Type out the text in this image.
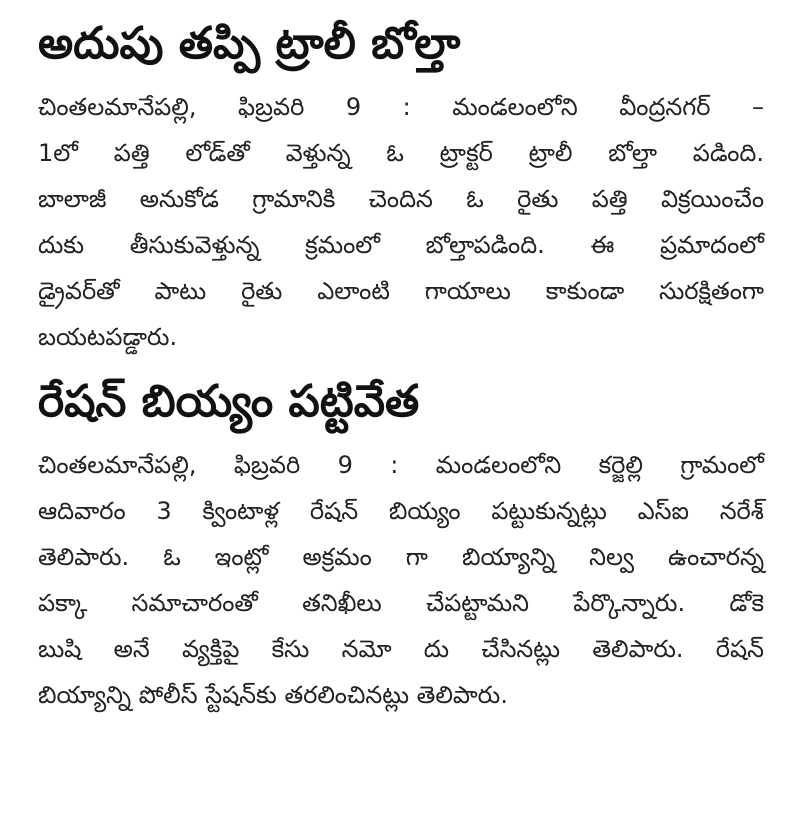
అదుపు తప్పి ట్రాలీ బోల్తా

చింతలమానేపల్లి, ఫిబ్రవరి 9 : మండలంలోని వీంద్రనగర్ –
1లో పత్తి లోడ్‌తో వెళ్తున్న ఓ ట్రాక్టర్ ట్రాలీ బోల్తా పడింది.
బాలాజీ అనుకోడ గ్రామానికి చెందిన ఓ రైతు పత్తి విక్రయించేం
దుకు తీసుకువెళ్తున్న క్రమంలో బోల్తాపడింది. ఈ ప్రమాదంలో
డ్రైవర్‌తో పాటు రైతు ఎలాంటి గాయాలు కాకుండా సురక్షితంగా
బయటపడ్డారు.

రేషన్ బియ్యం పట్టివేత

చింతలమానేపల్లి, ఫిబ్రవరి 9 : మండలంలోని కర్జెల్లి గ్రామంలో
ఆదివారం 3 క్వింటాళ్ల రేషన్ బియ్యం పట్టుకున్నట్లు ఎస్ఐ నరేశ్
తెలిపారు. ఓ ఇంట్లో అక్రమం గా బియ్యాన్ని నిల్వ ఉంచారన్న
పక్కా సమాచారంతో తనిఖీలు చేపట్టామని పేర్కొన్నారు. డోకె
బుషి అనే వ్యక్తిపై కేసు నమో దు చేసినట్లు తెలిపారు. రేషన్
బియ్యాన్ని పోలీస్ స్టేషన్‌కు తరలించినట్లు తెలిపారు.
